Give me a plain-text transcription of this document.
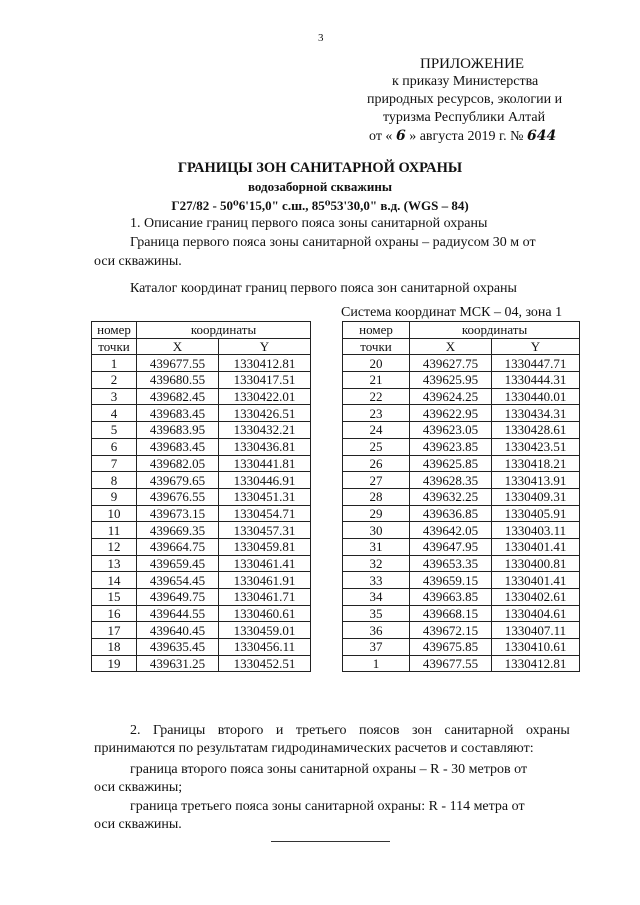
3
ПРИЛОЖЕНИЕ
к приказу Министерства
природных ресурсов, экологии и
туризма Республики Алтай
от « 6 » августа 2019 г. № 644
ГРАНИЦЫ ЗОН САНИТАРНОЙ ОХРАНЫ
водозаборной скважины
Г27/82 - 50⁰6'15,0" с.ш., 85⁰53'30,0" в.д. (WGS – 84)
1. Описание границ первого пояса зоны санитарной охраны
Граница первого пояса зоны санитарной охраны – радиусом 30 м от
оси скважины.
Каталог координат границ первого пояса зон санитарной охраны
Система координат МСК – 04, зона 1
номер	координаты	
точки	X	Y
1	439677.55	1330412.81
2	439680.55	1330417.51
3	439682.45	1330422.01
4	439683.45	1330426.51
5	439683.95	1330432.21
6	439683.45	1330436.81
7	439682.05	1330441.81
8	439679.65	1330446.91
9	439676.55	1330451.31
10	439673.15	1330454.71
11	439669.35	1330457.31
12	439664.75	1330459.81
13	439659.45	1330461.41
14	439654.45	1330461.91
15	439649.75	1330461.71
16	439644.55	1330460.61
17	439640.45	1330459.01
18	439635.45	1330456.11
19	439631.25	1330452.51
номер	координаты	
точки	X	Y
20	439627.75	1330447.71
21	439625.95	1330444.31
22	439624.25	1330440.01
23	439622.95	1330434.31
24	439623.05	1330428.61
25	439623.85	1330423.51
26	439625.85	1330418.21
27	439628.35	1330413.91
28	439632.25	1330409.31
29	439636.85	1330405.91
30	439642.05	1330403.11
31	439647.95	1330401.41
32	439653.35	1330400.81
33	439659.15	1330401.41
34	439663.85	1330402.61
35	439668.15	1330404.61
36	439672.15	1330407.11
37	439675.85	1330410.61
1	439677.55	1330412.81
2. Границы второго и третьего поясов зон санитарной охраны
принимаются по результатам гидродинамических расчетов и составляют:
граница второго пояса зоны санитарной охраны – R - 30 метров от
оси скважины;
граница третьего пояса зоны санитарной охраны: R - 114 метра от
оси скважины.
